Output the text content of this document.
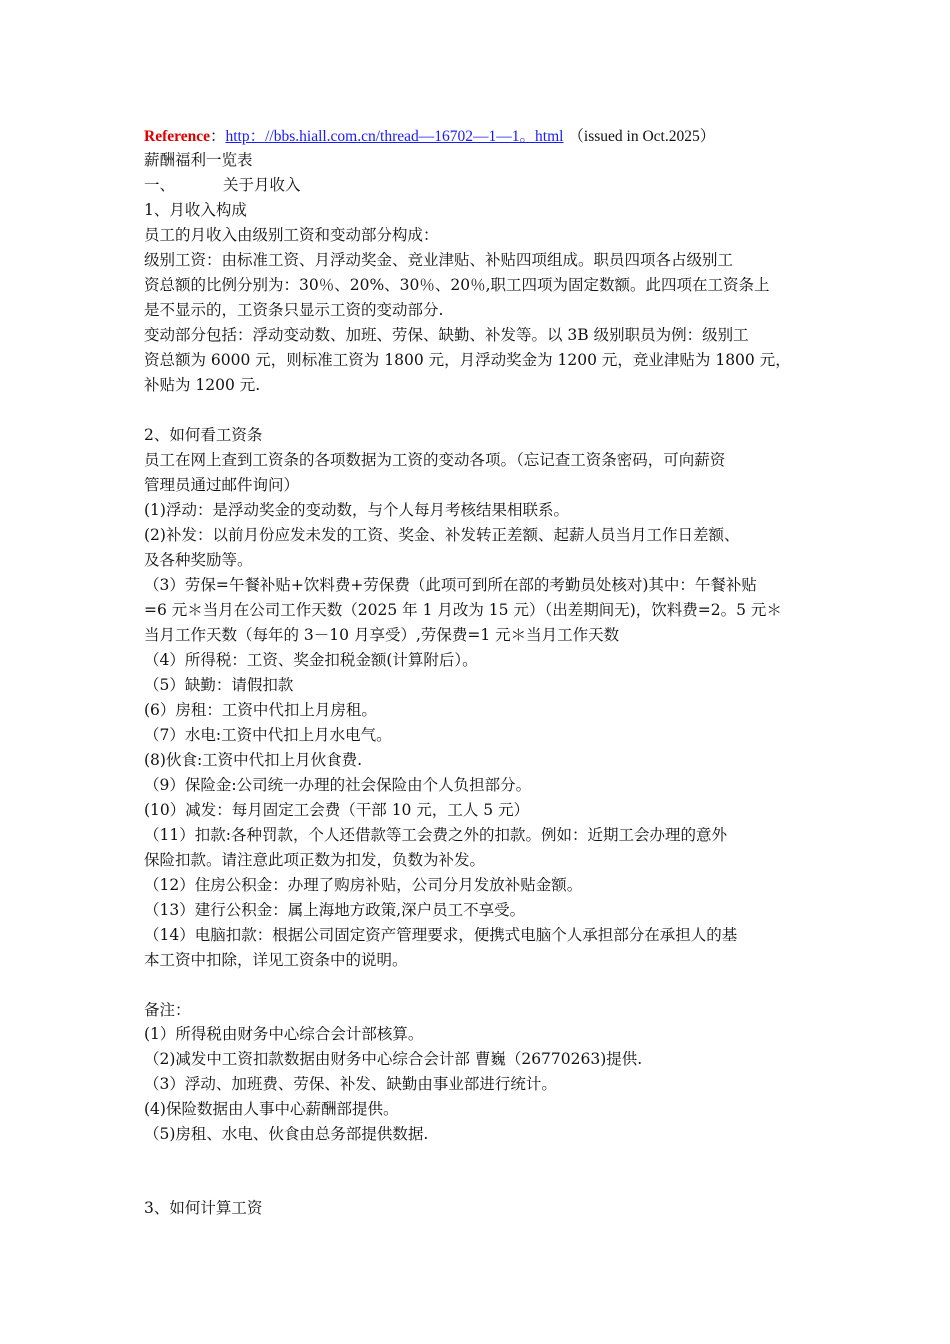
Reference：http：//bbs.hiall.com.cn/thread—16702—1—1。html （issued in Oct.2025）
薪酬福利一览表
一、	关于月收入
1、月收入构成
员工的月收入由级别工资和变动部分构成：
级别工资：由标准工资、月浮动奖金、竞业津贴、补贴四项组成。职员四项各占级别工
资总额的比例分别为：30％、20%、30％、20％,职工四项为固定数额。此四项在工资条上
是不显示的，工资条只显示工资的变动部分.
变动部分包括：浮动变动数、加班、劳保、缺勤、补发等。以 3B 级别职员为例：级别工
资总额为 6000 元，则标准工资为 1800 元，月浮动奖金为 1200 元，竞业津贴为 1800 元，
补贴为 1200 元.
2、如何看工资条
员工在网上查到工资条的各项数据为工资的变动各项。（忘记查工资条密码，可向薪资
管理员通过邮件询问）
(1)浮动：是浮动奖金的变动数，与个人每月考核结果相联系。
(2)补发：以前月份应发未发的工资、奖金、补发转正差额、起薪人员当月工作日差额、
及各种奖励等。
（3）劳保=午餐补贴+饮料费+劳保费（此项可到所在部的考勤员处核对)其中：午餐补贴
=6 元＊当月在公司工作天数（2025 年 1 月改为 15 元）（出差期间无)，饮料费=2。5 元＊
当月工作天数（每年的 3－10 月享受）,劳保费=1 元＊当月工作天数
（4）所得税：工资、奖金扣税金额(计算附后）。
（5）缺勤：请假扣款
(6）房租：工资中代扣上月房租。
（7）水电:工资中代扣上月水电气。
(8)伙食:工资中代扣上月伙食费.
（9）保险金:公司统一办理的社会保险由个人负担部分。
(10）减发：每月固定工会费（干部 10 元，工人 5 元）
（11）扣款:各种罚款，个人还借款等工会费之外的扣款。例如：近期工会办理的意外
保险扣款。请注意此项正数为扣发，负数为补发。
（12）住房公积金：办理了购房补贴，公司分月发放补贴金额。
（13）建行公积金：属上海地方政策,深户员工不享受。
（14）电脑扣款：根据公司固定资产管理要求，便携式电脑个人承担部分在承担人的基
本工资中扣除，详见工资条中的说明。
备注：
(1）所得税由财务中心综合会计部核算。
（2)减发中工资扣款数据由财务中心综合会计部 曹巍（26770263)提供.
（3）浮动、加班费、劳保、补发、缺勤由事业部进行统计。
(4)保险数据由人事中心薪酬部提供。
（5)房租、水电、伙食由总务部提供数据.
3、如何计算工资
